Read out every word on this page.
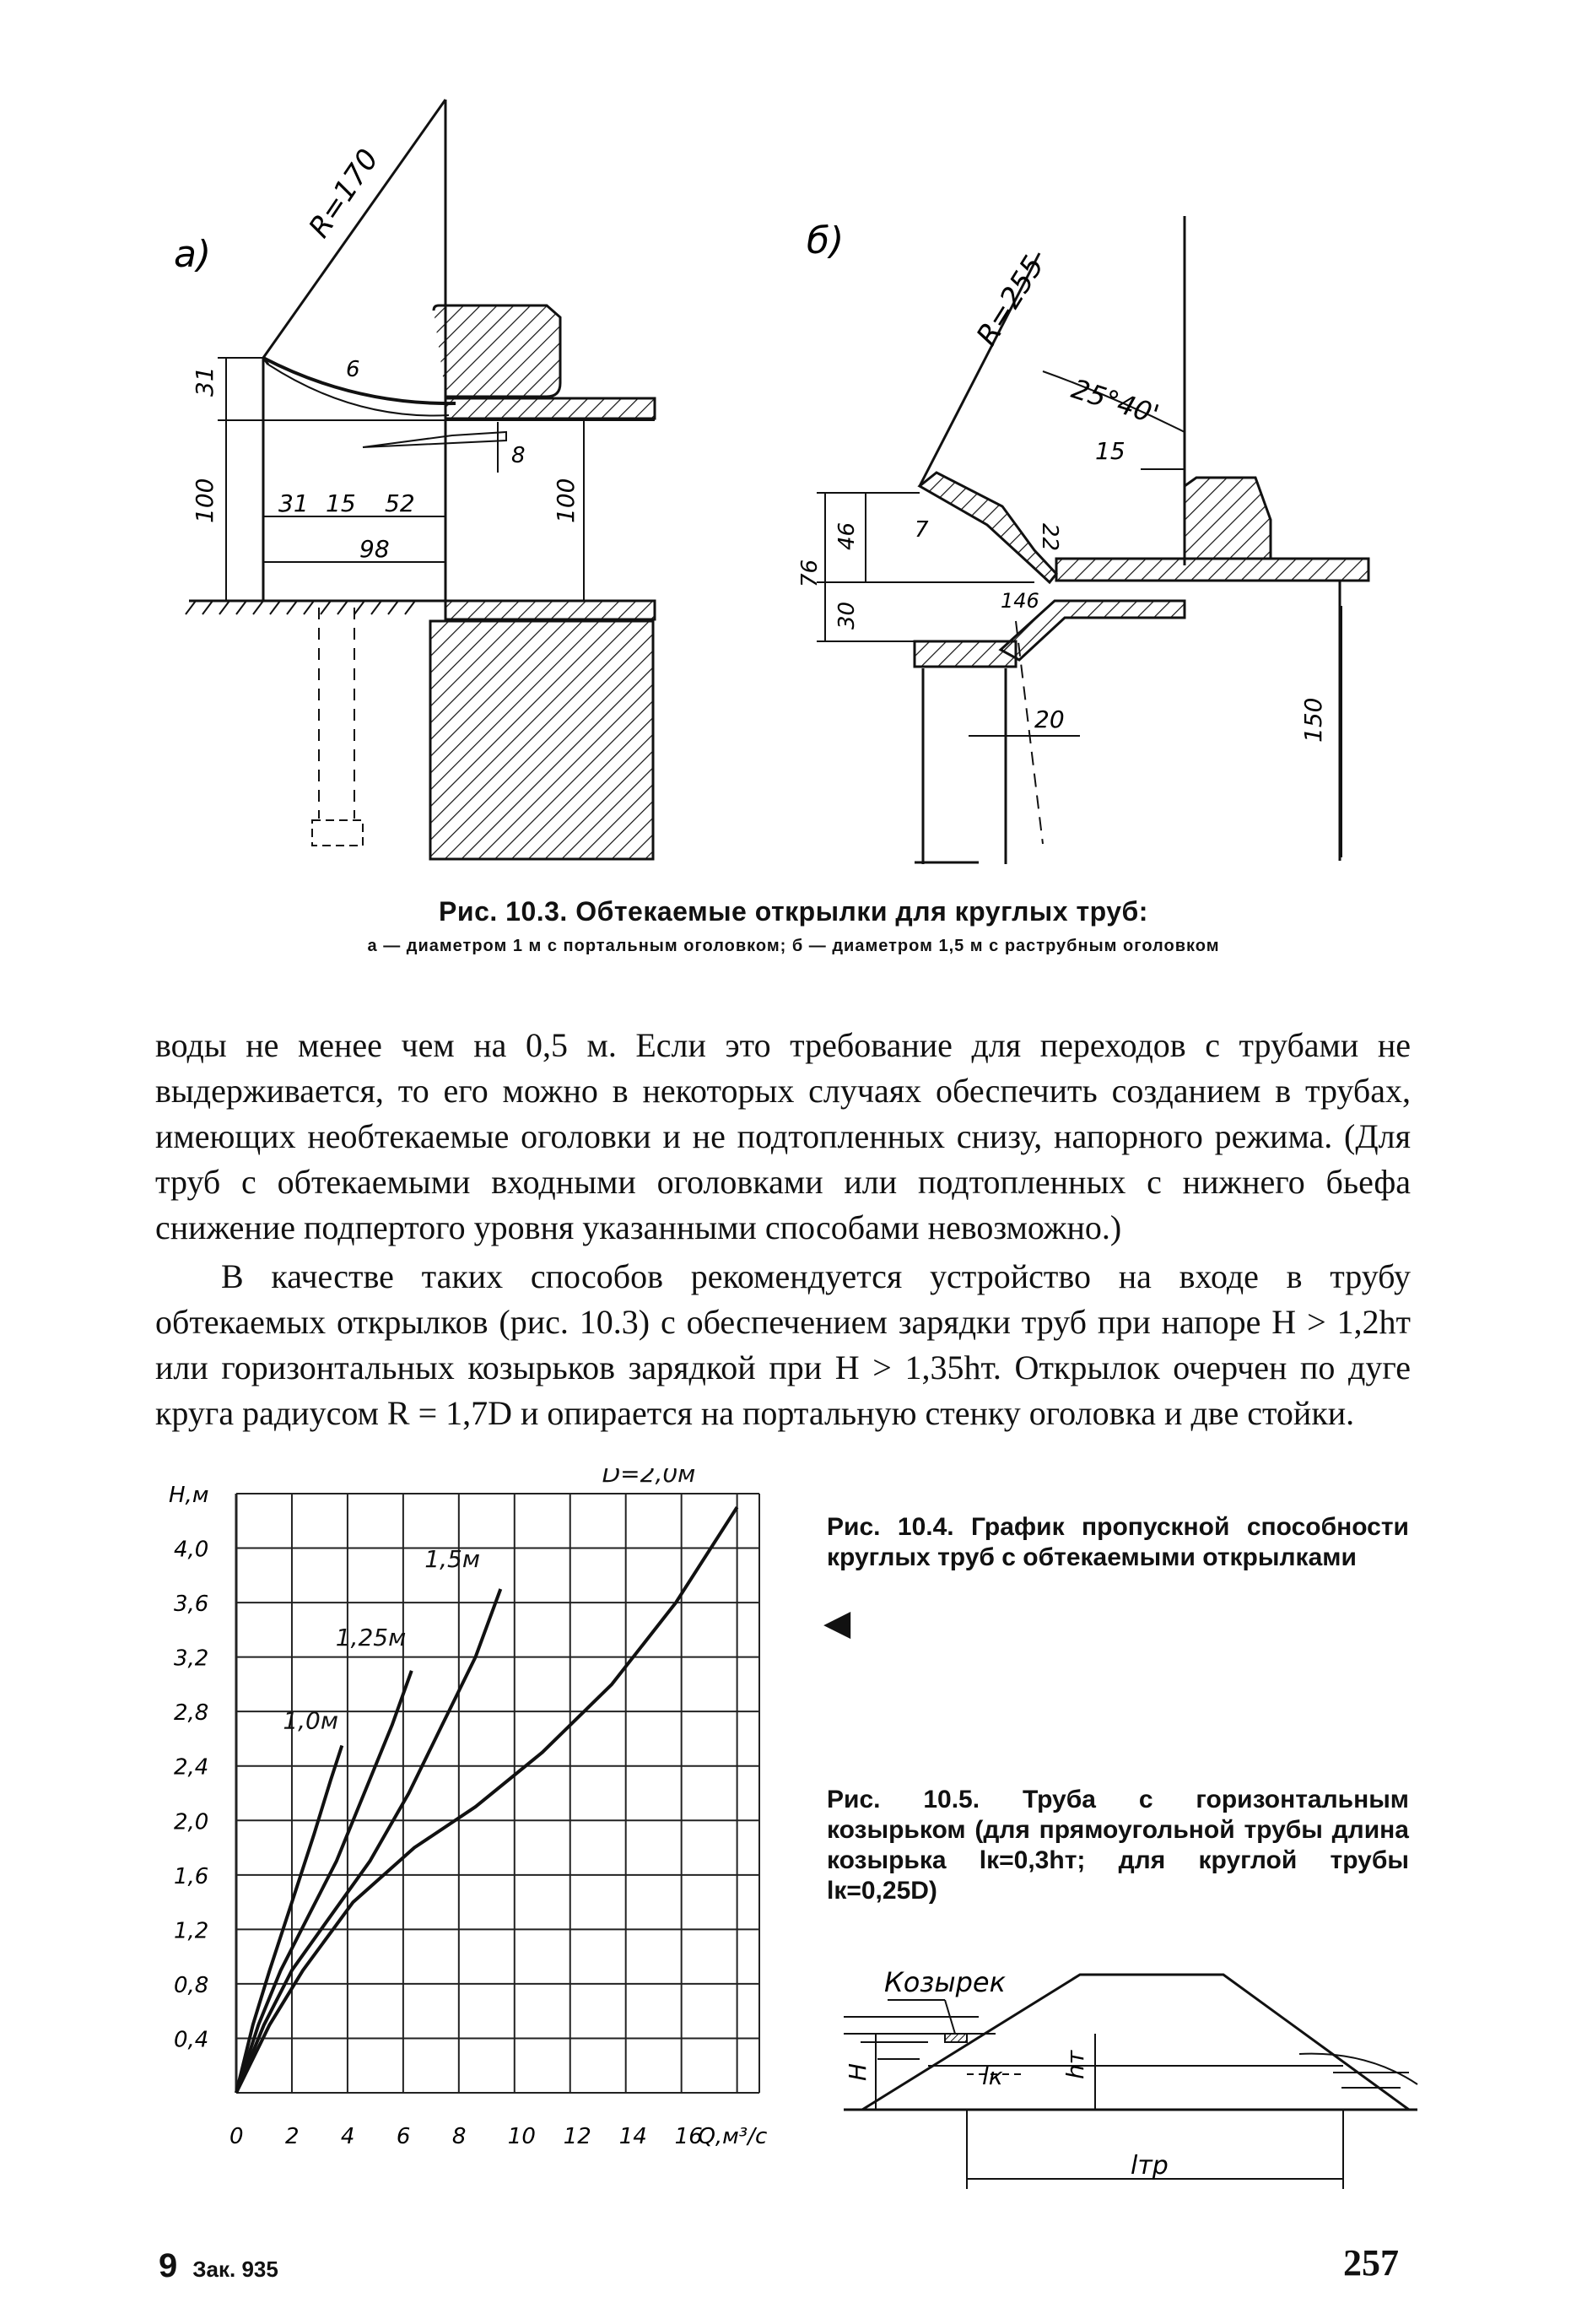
а)
R=170
6
31
100	31 15 52
98
8
100
б)
R=255
25°40'
15
7
46	22
76
30
146
20	150
Рис. 10.3. Обтекаемые открылки для круглых труб:
а — диаметром 1 м с портальным оголовком; б — диаметром 1,5 м с раструбным оголовком
воды не менее чем на 0,5 м. Если это требование для переходов с трубами не выдерживается, то его можно в некоторых случаях обеспечить созданием в трубах, имеющих необтекаемые оголовки и не подтопленных снизу, напорного режима. (Для труб с обтекаемыми входными оголовками или подтопленных с нижнего бьефа снижение подпертого уровня указанными способами невозможно.)
В качестве таких способов рекомендуется устройство на входе в трубу обтекаемых открылков (рис. 10.3) с обеспечением зарядки труб при напоре H > 1,2hт или горизонтальных козырьков зарядкой при H > 1,35hт. Открылок очерчен по дуге круга радиусом R = 1,7D и опирается на портальную стенку оголовка и две стойки.
Н,м
0,4
0,8
1,2
1,6
2,0
2,4
2,8
3,2
3,6
4,0
0 2 4 6 8 10 12 14 16
Q,м³/с
1,0м
1,25м
1,5м
D=2,0м
Рис. 10.4. График пропускной способности круглых труб с обтекаемыми открылками
◀
Рис. 10.5. Труба с горизонтальным козырьком (для прямоугольной трубы длина козырька lк=0,3hт; для круглой трубы lк=0,25D)
Козырек
H	hт
lк
lтр
9 Зак. 935	257
